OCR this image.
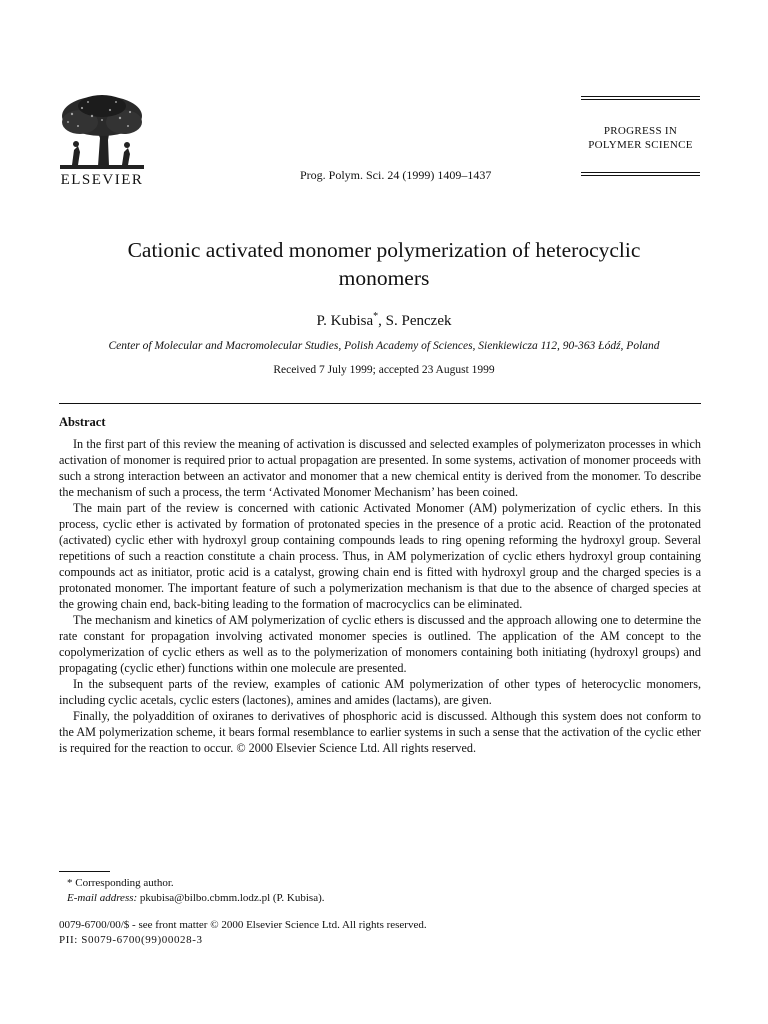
ELSEVIER	Prog. Polym. Sci. 24 (1999) 1409–1437
PROGRESS IN
POLYMER SCIENCE
Cationic activated monomer polymerization of heterocyclic
monomers
P. Kubisa*, S. Penczek
Center of Molecular and Macromolecular Studies, Polish Academy of Sciences, Sienkiewicza 112, 90-363 Łódź, Poland
Received 7 July 1999; accepted 23 August 1999
Abstract

In the first part of this review the meaning of activation is discussed and selected examples of polymerizaton processes in which activation of monomer is required prior to actual propagation are presented. In some systems, activation of monomer proceeds with such a strong interaction between an activator and monomer that a new chemical entity is derived from the monomer. To describe the mechanism of such a process, the term ‘Activated Monomer Mechanism’ has been coined.

The main part of the review is concerned with cationic Activated Monomer (AM) polymerization of cyclic ethers. In this process, cyclic ether is activated by formation of protonated species in the presence of a protic acid. Reaction of the protonated (activated) cyclic ether with hydroxyl group containing compounds leads to ring opening reforming the hydroxyl group. Several repetitions of such a reaction constitute a chain process. Thus, in AM polymerization of cyclic ethers hydroxyl group containing compounds act as initiator, protic acid is a catalyst, growing chain end is fitted with hydroxyl group and the charged species is a protonated monomer. The important feature of such a polymerization mechanism is that due to the absence of charged species at the growing chain end, back-biting leading to the formation of macrocyclics can be eliminated.

The mechanism and kinetics of AM polymerization of cyclic ethers is discussed and the approach allowing one to determine the rate constant for propagation involving activated monomer species is outlined. The application of the AM concept to the copolymerization of cyclic ethers as well as to the polymerization of monomers containing both initiating (hydroxyl groups) and propagating (cyclic ether) functions within one molecule are presented.

In the subsequent parts of the review, examples of cationic AM polymerization of other types of heterocyclic monomers, including cyclic acetals, cyclic esters (lactones), amines and amides (lactams), are given.

Finally, the polyaddition of oxiranes to derivatives of phosphoric acid is discussed. Although this system does not conform to the AM polymerization scheme, it bears formal resemblance to earlier systems in such a sense that the activation of the cyclic ether is required for the reaction to occur. © 2000 Elsevier Science Ltd. All rights reserved.

* Corresponding author.
E-mail address: pkubisa@bilbo.cbmm.lodz.pl (P. Kubisa).
0079-6700/00/$ - see front matter © 2000 Elsevier Science Ltd. All rights reserved.
PII: S0079-6700(99)00028-3
